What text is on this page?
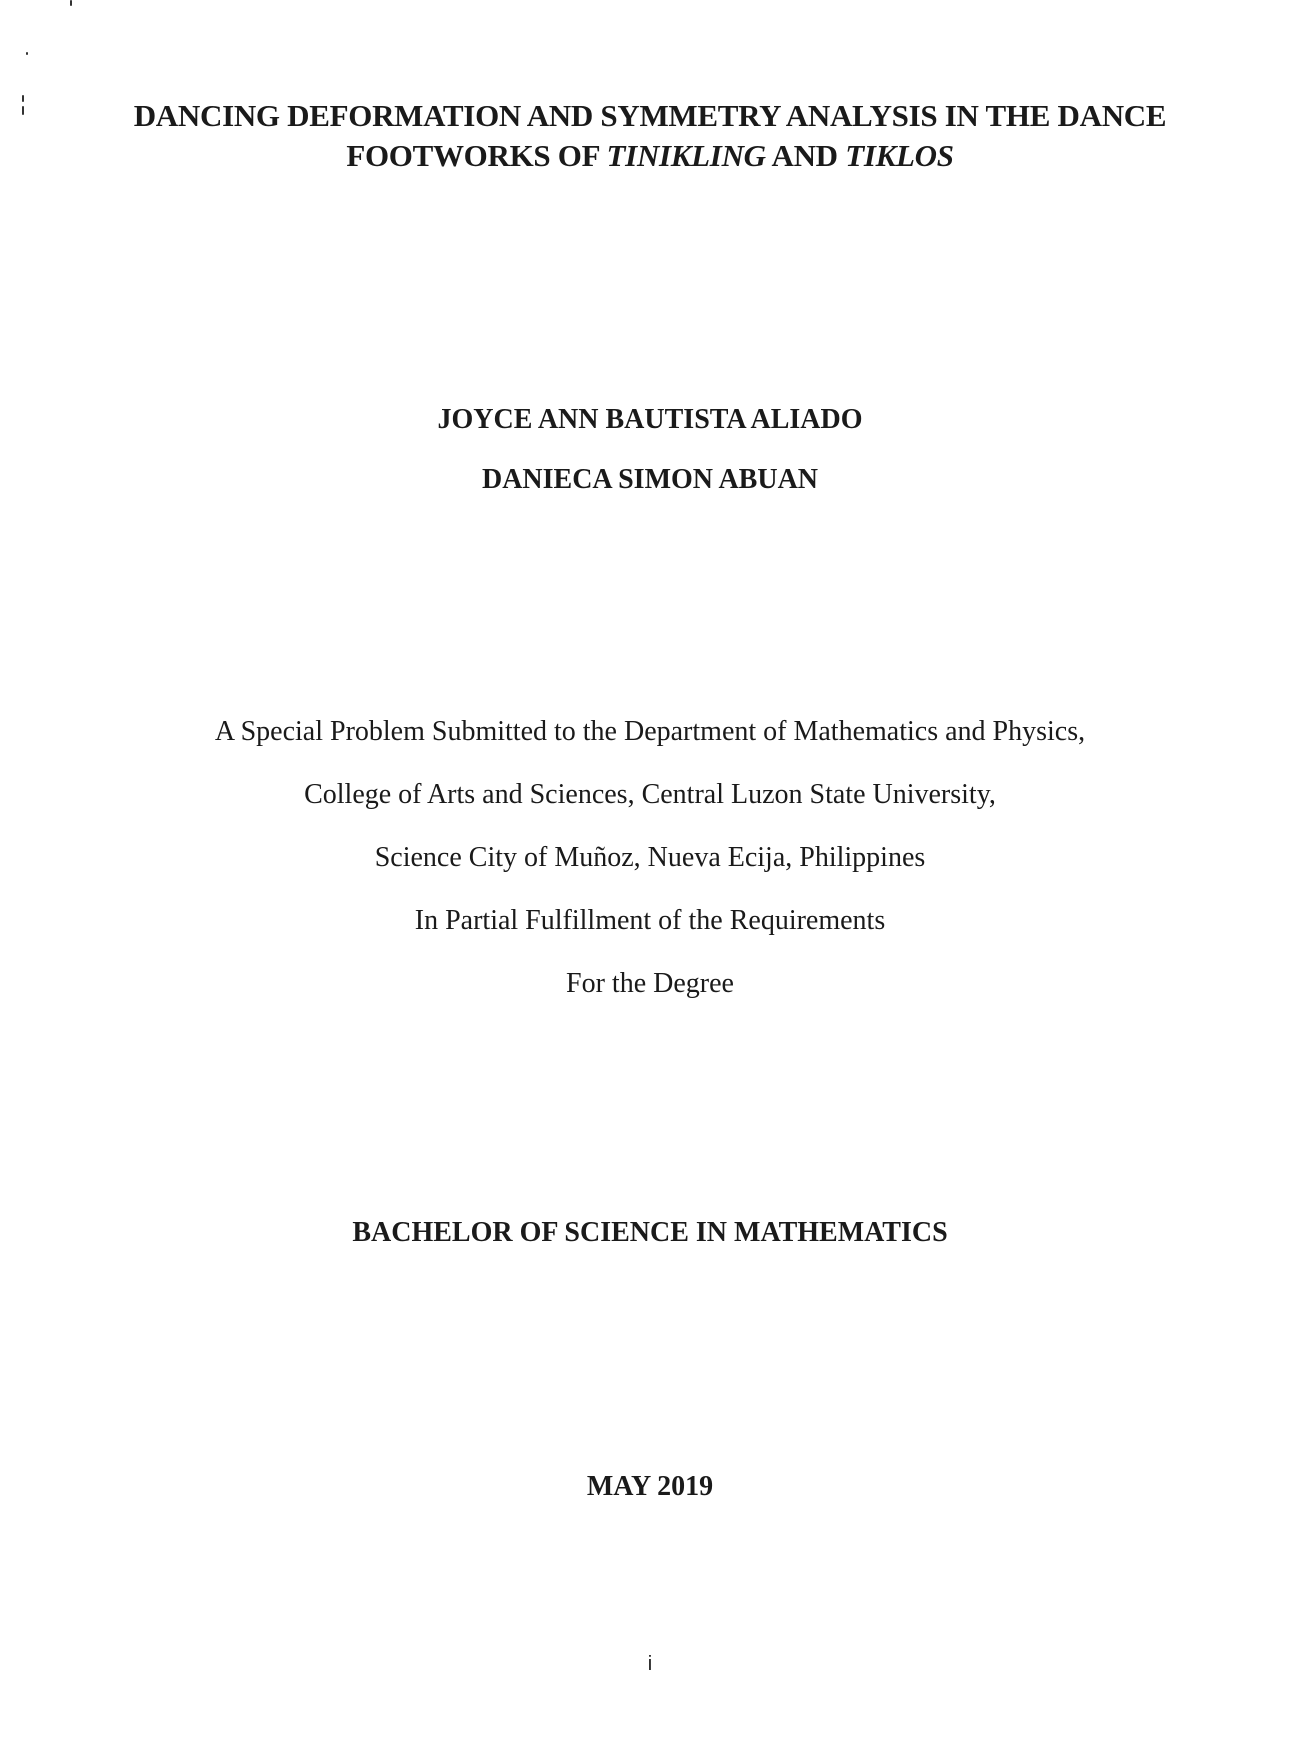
DANCING DEFORMATION AND SYMMETRY ANALYSIS IN THE DANCE
FOOTWORKS OF TINIKLING AND TIKLOS
JOYCE ANN BAUTISTA ALIADO
DANIECA SIMON ABUAN
A Special Problem Submitted to the Department of Mathematics and Physics,
College of Arts and Sciences, Central Luzon State University,
Science City of Muñoz, Nueva Ecija, Philippines
In Partial Fulfillment of the Requirements
For the Degree
BACHELOR OF SCIENCE IN MATHEMATICS
MAY 2019
i
